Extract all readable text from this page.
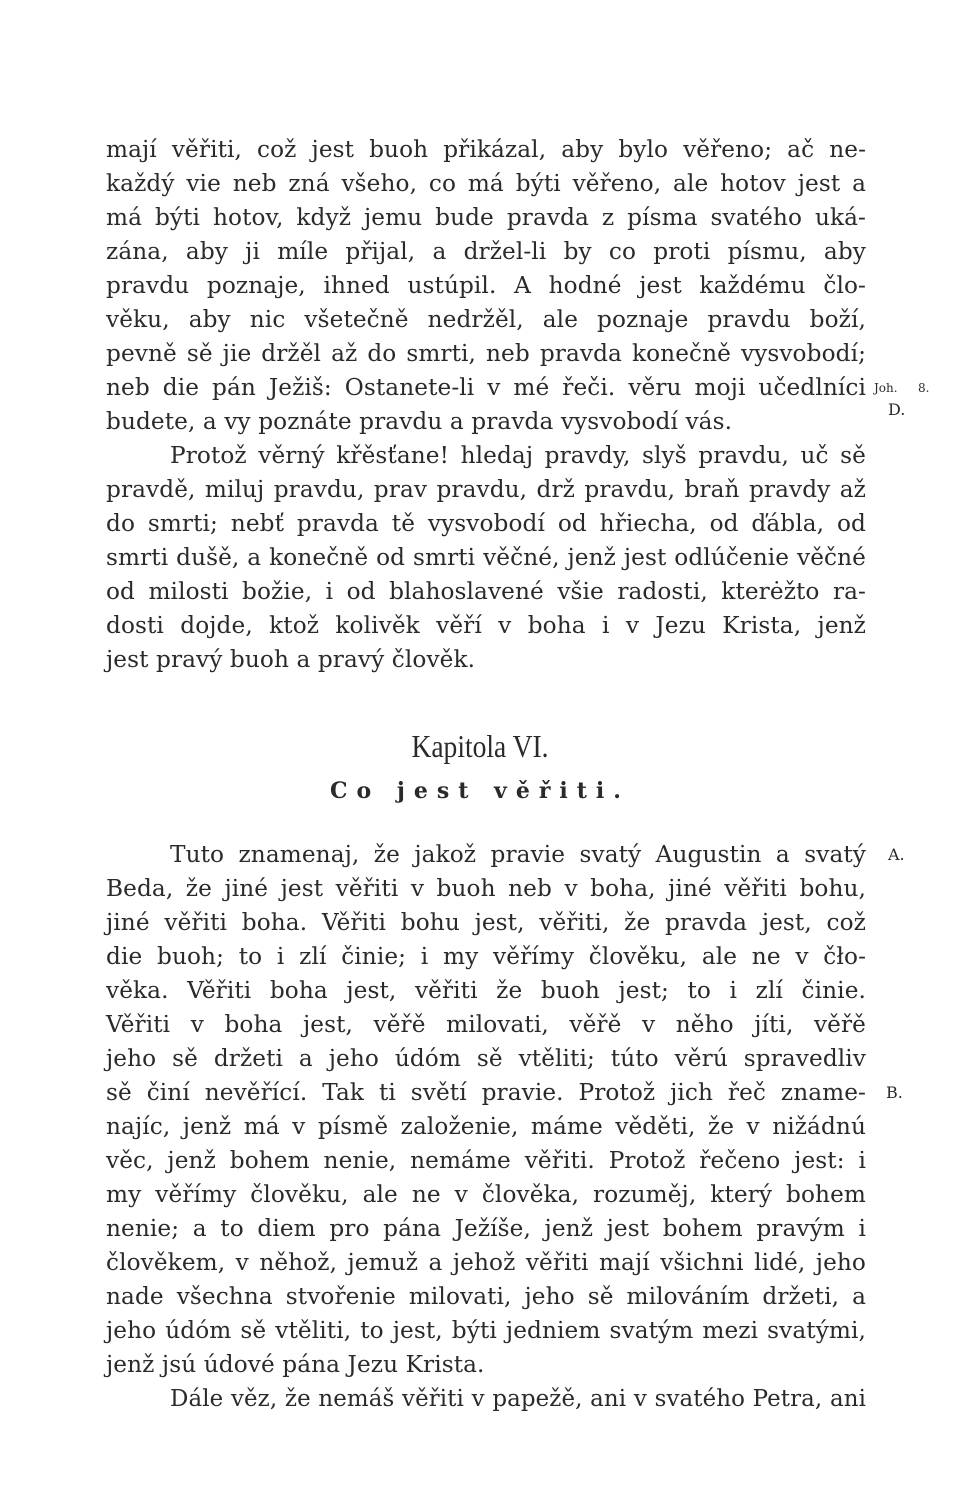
mají věřiti, což jest buoh přikázal, aby bylo věřeno; ač ne-
každý vie neb zná všeho, co má býti věřeno, ale hotov jest a
má býti hotov, když jemu bude pravda z písma svatého uká-
zána, aby ji míle přijal, a držel-li by co proti písmu, aby
pravdu poznaje, ihned ustúpil. A hodné jest každému člo-
věku, aby nic všetečně nedržěl, ale poznaje pravdu boží,
pevně sě jie držěl až do smrti, neb pravda konečně vysvobodí;
neb die pán Ježiš: Ostanete-li v mé řeči. věru moji učedlníci
budete, a vy poznáte pravdu a pravda vysvobodí vás.
Protož věrný křěsťane! hledaj pravdy, slyš pravdu, uč sě
pravdě, miluj pravdu, prav pravdu, drž pravdu, braň pravdy až
do smrti; nebť pravda tě vysvobodí od hřiecha, od ďábla, od
smrti dušě, a konečně od smrti věčné, jenž jest odlúčenie věčné
od milosti božie, i od blahoslavené všie radosti, kterėžto ra-
dosti dojde, ktož kolivěk věří v boha i v Jezu Krista, jenž
jest pravý buoh a pravý člověk.
Kapitola VI.
Co jest věřiti.
Tuto znamenaj, že jakož pravie svatý Augustin a svatý
Beda, že jiné jest věřiti v buoh neb v boha, jiné věřiti bohu,
jiné věřiti boha. Věřiti bohu jest, věřiti, že pravda jest, což
die buoh; to i zlí činie; i my věřímy člověku, ale ne v čło-
věka. Věřiti boha jest, věřiti že buoh jest; to i zlí činie.
Věřiti v boha jest, věřě milovati, věřě v něho jíti, věřě
jeho sě držeti a jeho údóm sě vtěliti; túto věrú spravedliv
sě činí nevěřící. Tak ti světí pravie. Protož jich řeč zname-
najíc, jenž má v písmě založenie, máme věděti, že v nižádnú
věc, jenž bohem nenie, nemáme věřiti. Protož řečeno jest: i
my věřímy člověku, ale ne v člověka, rozuměj, který bohem
nenie; a to diem pro pána Ježíše, jenž jest bohem pravým i
člověkem, v něhož, jemuž a jehož věřiti mají všichni lidé, jeho
nade všechna stvořenie milovati, jeho sě milováním držeti, a
jeho údóm sě vtěliti, to jest, býti jedniem svatým mezi svatými,
jenž jsú údové pána Jezu Krista.
Dále věz, že nemáš věřiti v papežě, ani v svatého Petra, ani
Joh. 8.
D.
A.
B.
